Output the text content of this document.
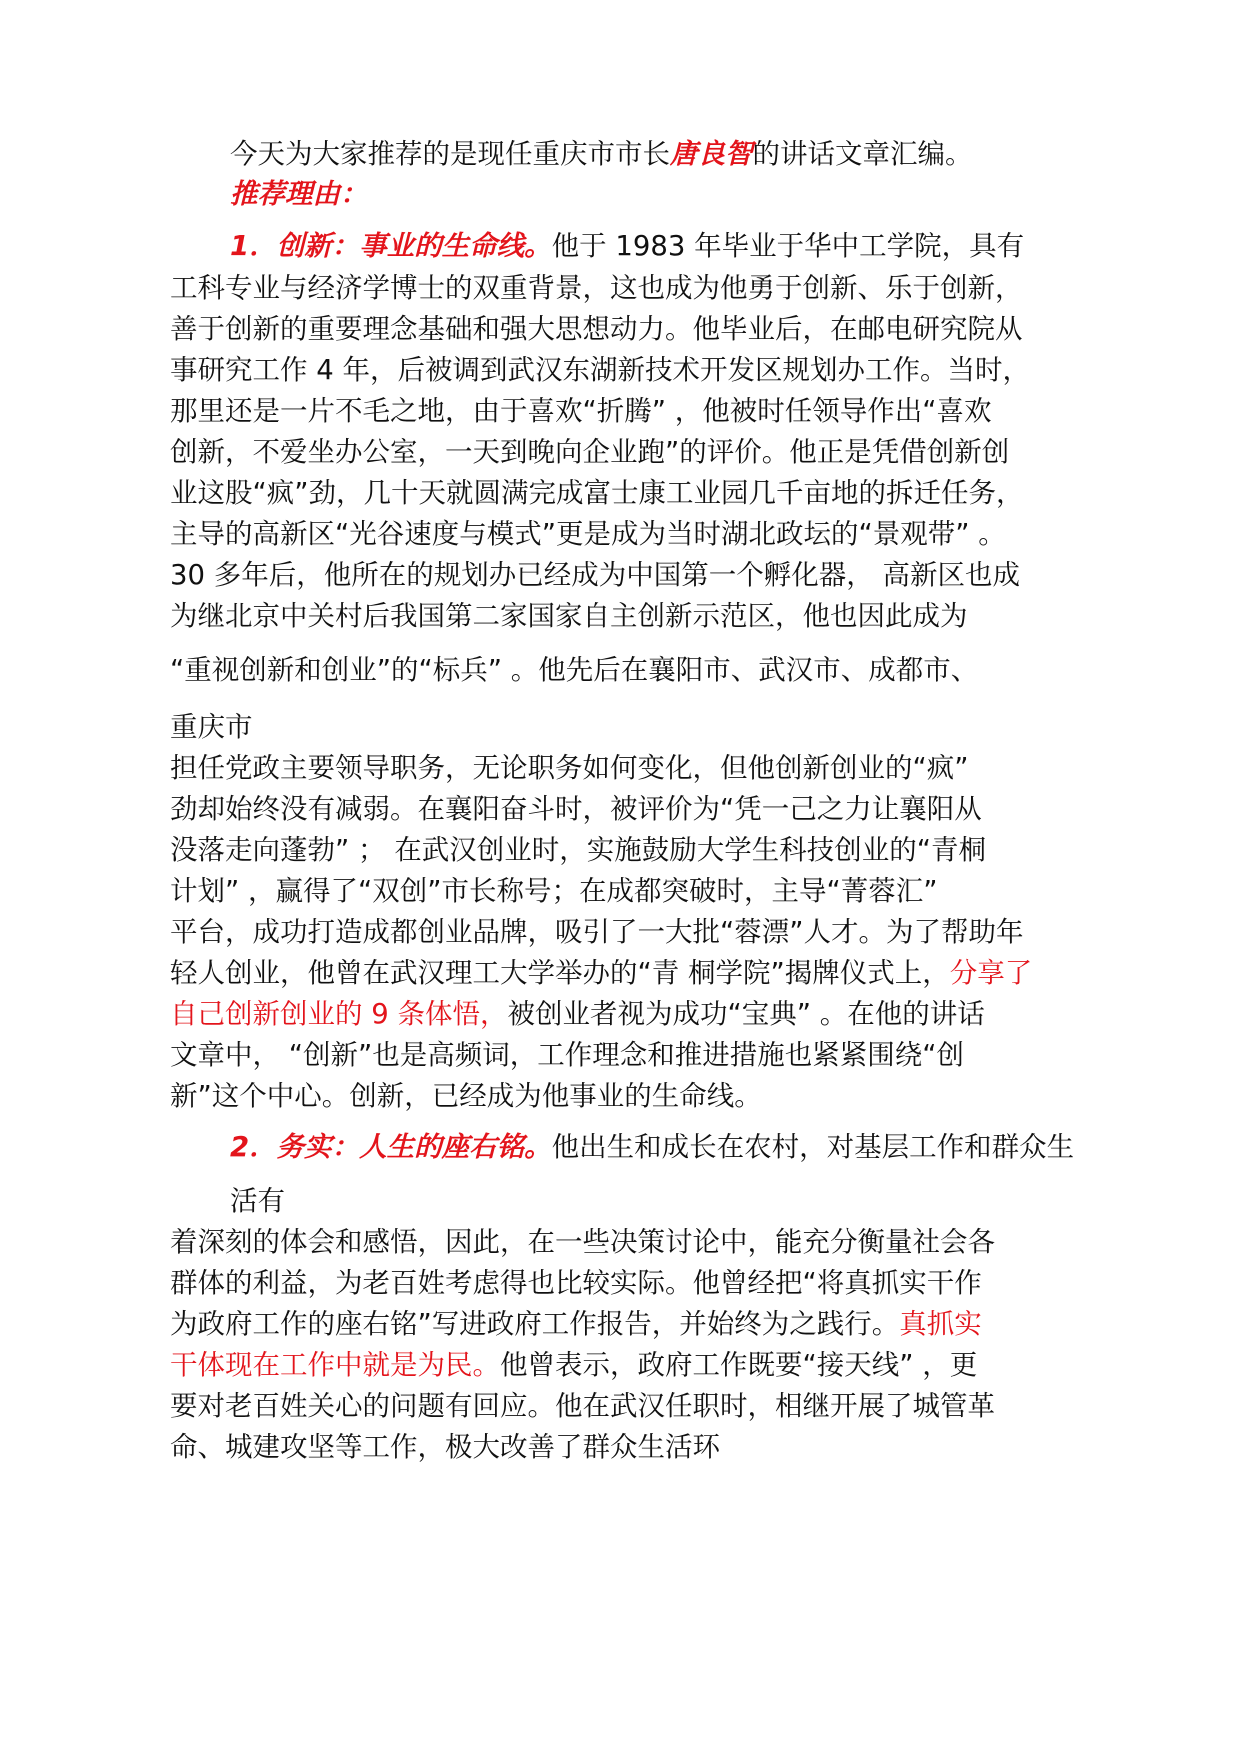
今天为大家推荐的是现任重庆市市长唐良智的讲话文章汇编。
推荐理由：
1．创新：事业的生命线。他于 1983 年毕业于华中工学院，具有
工科专业与经济学博士的双重背景，这也成为他勇于创新、乐于创新，
善于创新的重要理念基础和强大思想动力。他毕业后，在邮电研究院从
事研究工作 4 年，后被调到武汉东湖新技术开发区规划办工作。当时，
那里还是一片不毛之地，由于喜欢“折腾” ，他被时任领导作出“喜欢
创新，不爱坐办公室，一天到晚向企业跑”的评价。他正是凭借创新创
业这股“疯”劲，几十天就圆满完成富士康工业园几千亩地的拆迁任务，
主导的高新区“光谷速度与模式”更是成为当时湖北政坛的“景观带” 。
30 多年后，他所在的规划办已经成为中国第一个孵化器， 高新区也成
为继北京中关村后我国第二家国家自主创新示范区，他也因此成为
“重视创新和创业”的“标兵” 。他先后在襄阳市、武汉市、成都市、
重庆市
担任党政主要领导职务，无论职务如何变化，但他创新创业的“疯”
劲却始终没有减弱。在襄阳奋斗时，被评价为“凭一己之力让襄阳从
没落走向蓬勃” ； 在武汉创业时，实施鼓励大学生科技创业的“青桐
计划” ，赢得了“双创”市长称号；在成都突破时，主导“菁蓉汇”
平台，成功打造成都创业品牌，吸引了一大批“蓉漂”人才。为了帮助年
轻人创业，他曾在武汉理工大学举办的“青 桐学院”揭牌仪式上，分享了
自己创新创业的 9 条体悟，被创业者视为成功“宝典” 。在他的讲话
文章中， “创新”也是高频词，工作理念和推进措施也紧紧围绕“创
新”这个中心。创新，已经成为他事业的生命线。
2．务实：人生的座右铭。他出生和成长在农村，对基层工作和群众生
活有
着深刻的体会和感悟，因此，在一些决策讨论中，能充分衡量社会各
群体的利益，为老百姓考虑得也比较实际。他曾经把“将真抓实干作
为政府工作的座右铭”写进政府工作报告，并始终为之践行。真抓实
干体现在工作中就是为民。他曾表示，政府工作既要“接天线” ，更
要对老百姓关心的问题有回应。他在武汉任职时，相继开展了城管革
命、城建攻坚等工作，极大改善了群众生活环
